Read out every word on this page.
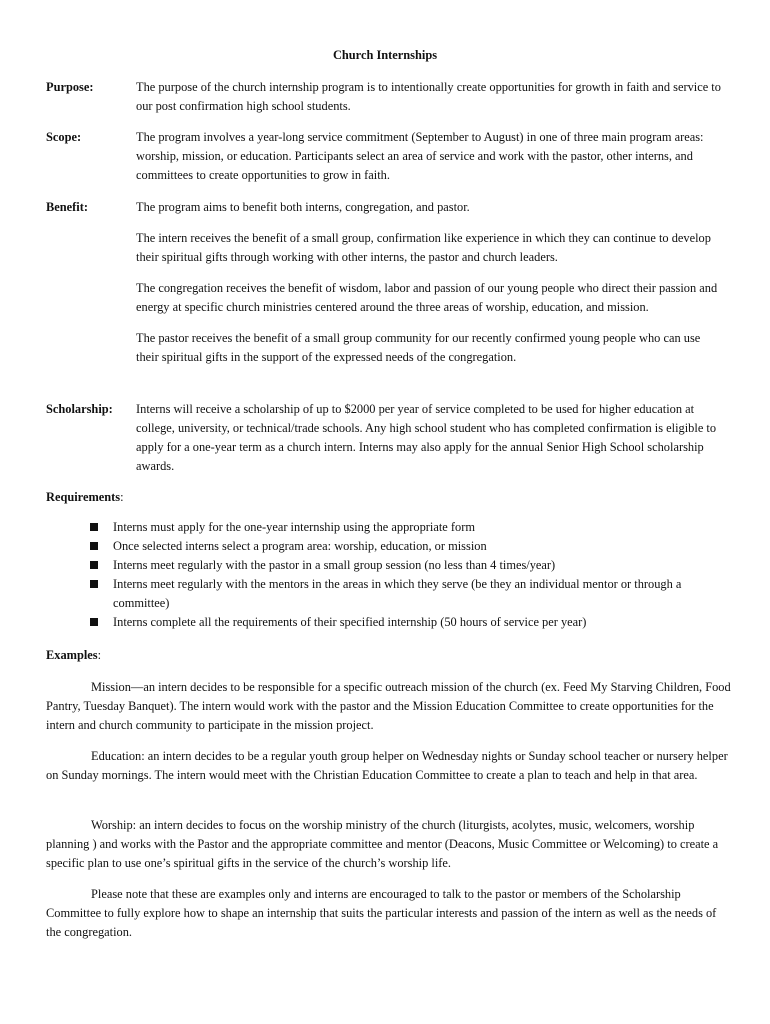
Church Internships
Purpose:	The purpose of the church internship program is to intentionally create opportunities for growth in faith and service to our post confirmation high school students.
Scope:	The program involves a year-long service commitment (September to August) in one of three main program areas: worship, mission, or education. Participants select an area of service and work with the pastor, other interns, and committees to create opportunities to grow in faith.
Benefit:	The program aims to benefit both interns, congregation, and pastor.

The intern receives the benefit of a small group, confirmation like experience in which they can continue to develop their spiritual gifts through working with other interns, the pastor and church leaders.

The congregation receives the benefit of wisdom, labor and passion of our young people who direct their passion and energy at specific church ministries centered around the three areas of worship, education, and mission.

The pastor receives the benefit of a small group community for our recently confirmed young people who can use their spiritual gifts in the support of the expressed needs of the congregation.

Scholarship:	Interns will receive a scholarship of up to $2000 per year of service completed to be used for higher education at college, university, or technical/trade schools. Any high school student who has completed confirmation is eligible to apply for a one-year term as a church intern. Interns may also apply for the annual Senior High School scholarship awards.
Requirements:
Interns must apply for the one-year internship using the appropriate form
Once selected interns select a program area: worship, education, or mission
Interns meet regularly with the pastor in a small group session (no less than 4 times/year)
Interns meet regularly with the mentors in the areas in which they serve (be they an individual mentor or through a committee)
Interns complete all the requirements of their specified internship (50 hours of service per year)
Examples:

Mission—an intern decides to be responsible for a specific outreach mission of the church (ex. Feed My Starving Children, Food Pantry, Tuesday Banquet). The intern would work with the pastor and the Mission Education Committee to create opportunities for the intern and church community to participate in the mission project.

Education: an intern decides to be a regular youth group helper on Wednesday nights or Sunday school teacher or nursery helper on Sunday mornings. The intern would meet with the Christian Education Committee to create a plan to teach and help in that area.

Worship: an intern decides to focus on the worship ministry of the church (liturgists, acolytes, music, welcomers, worship planning ) and works with the Pastor and the appropriate committee and mentor (Deacons, Music Committee or Welcoming) to create a specific plan to use one’s spiritual gifts in the service of the church’s worship life.

Please note that these are examples only and interns are encouraged to talk to the pastor or members of the Scholarship Committee to fully explore how to shape an internship that suits the particular interests and passion of the intern as well as the needs of the congregation.
